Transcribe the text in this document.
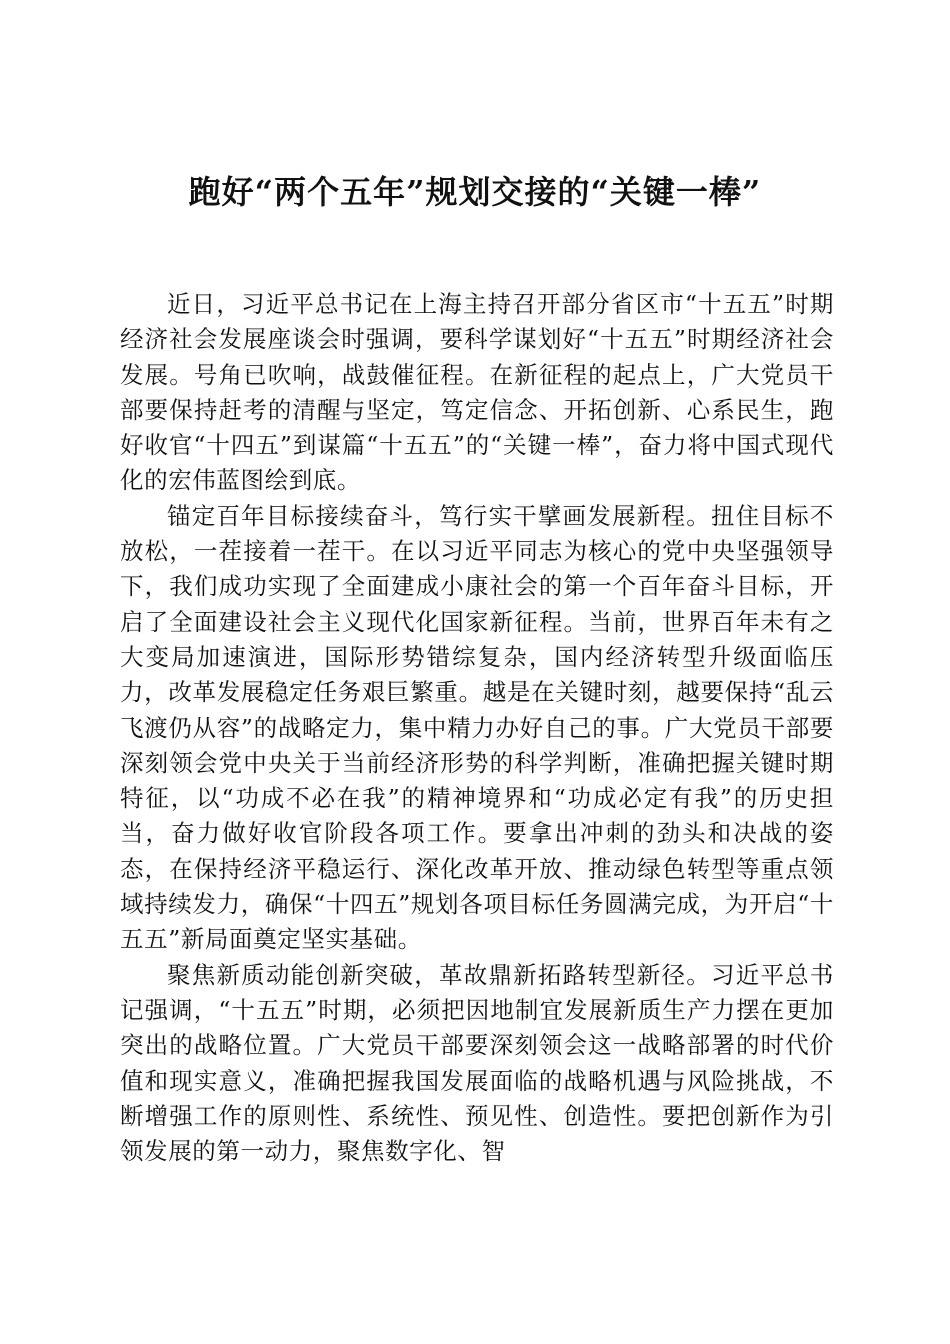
跑好“两个五年”规划交接的“关键一棒”

近日，习近平总书记在上海主持召开部分省区市“十五五”时期经济社会发展座谈会时强调，要科学谋划好“十五五”时期经济社会发展。号角已吹响，战鼓催征程。在新征程的起点上，广大党员干部要保持赶考的清醒与坚定，笃定信念、开拓创新、心系民生，跑好收官“十四五”到谋篇“十五五”的“关键一棒”，奋力将中国式现代化的宏伟蓝图绘到底。

锚定百年目标接续奋斗，笃行实干擘画发展新程。扭住目标不放松，一茬接着一茬干。在以习近平同志为核心的党中央坚强领导下，我们成功实现了全面建成小康社会的第一个百年奋斗目标，开启了全面建设社会主义现代化国家新征程。当前，世界百年未有之大变局加速演进，国际形势错综复杂，国内经济转型升级面临压力，改革发展稳定任务艰巨繁重。越是在关键时刻，越要保持“乱云飞渡仍从容”的战略定力，集中精力办好自己的事。广大党员干部要深刻领会党中央关于当前经济形势的科学判断，准确把握关键时期特征，以“功成不必在我”的精神境界和“功成必定有我”的历史担当，奋力做好收官阶段各项工作。要拿出冲刺的劲头和决战的姿态，在保持经济平稳运行、深化改革开放、推动绿色转型等重点领域持续发力，确保“十四五”规划各项目标任务圆满完成，为开启“十五五”新局面奠定坚实基础。

聚焦新质动能创新突破，革故鼎新拓路转型新径。习近平总书记强调，“十五五”时期，必须把因地制宜发展新质生产力摆在更加突出的战略位置。广大党员干部要深刻领会这一战略部署的时代价值和现实意义，准确把握我国发展面临的战略机遇与风险挑战，不断增强工作的原则性、系统性、预见性、创造性。要把创新作为引领发展的第一动力，聚焦数字化、智
